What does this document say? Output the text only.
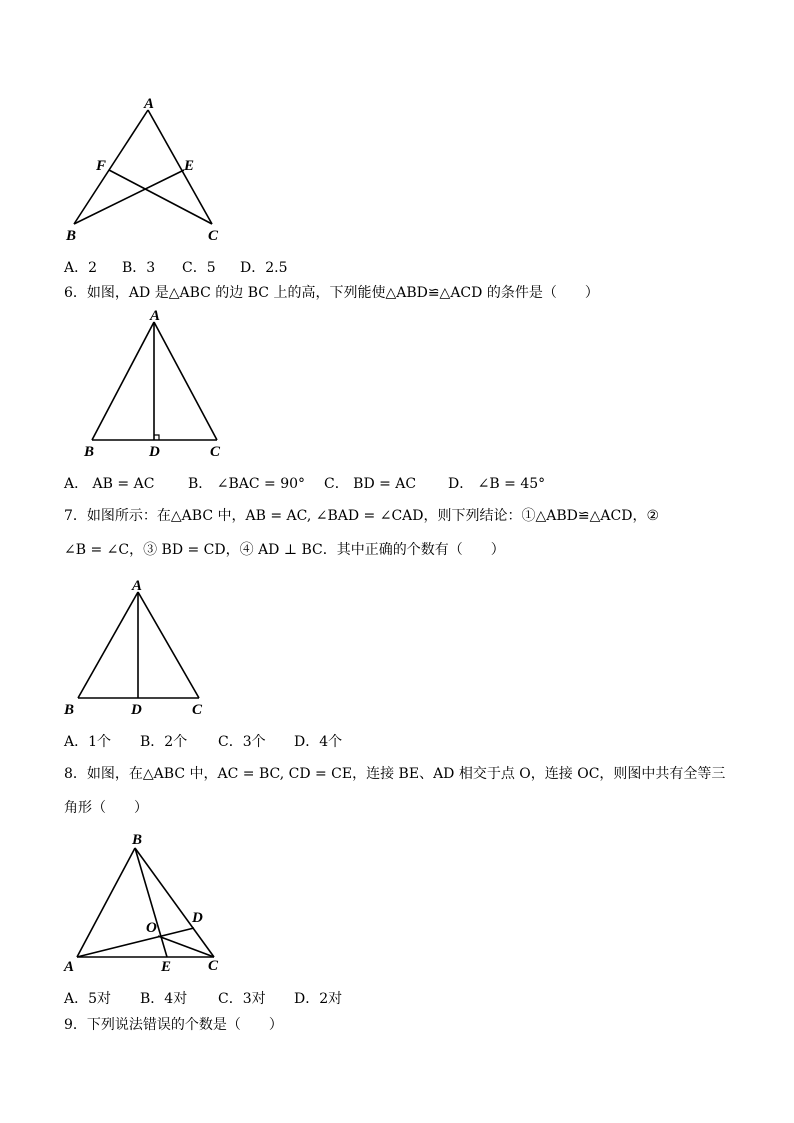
A
F	E
B	C
A．2 B．3 C．5 D．2.5
6．如图，AD 是△ABC 的边 BC 上的高，下列能使△ABD≌△ACD 的条件是（　　）
A
B	D	C
A． AB = AC B． ∠BAC = 90° C． BD = AC D． ∠B = 45°
7．如图所示：在△ABC 中，AB = AC, ∠BAD = ∠CAD，则下列结论：①△ABD≌△ACD，②
∠B = ∠C，③ BD = CD，④ AD ⊥ BC．其中正确的个数有（　　）
A
B	D	C
A．1个 B．2个 C．3个 D．4个
8．如图，在△ABC 中，AC = BC, CD = CE，连接 BE、AD 相交于点 O，连接 OC，则图中共有全等三
角形（　　）
B
O
D
A	E C
A．5对 B．4对 C．3对 D．2对
9．下列说法错误的个数是（　　）
